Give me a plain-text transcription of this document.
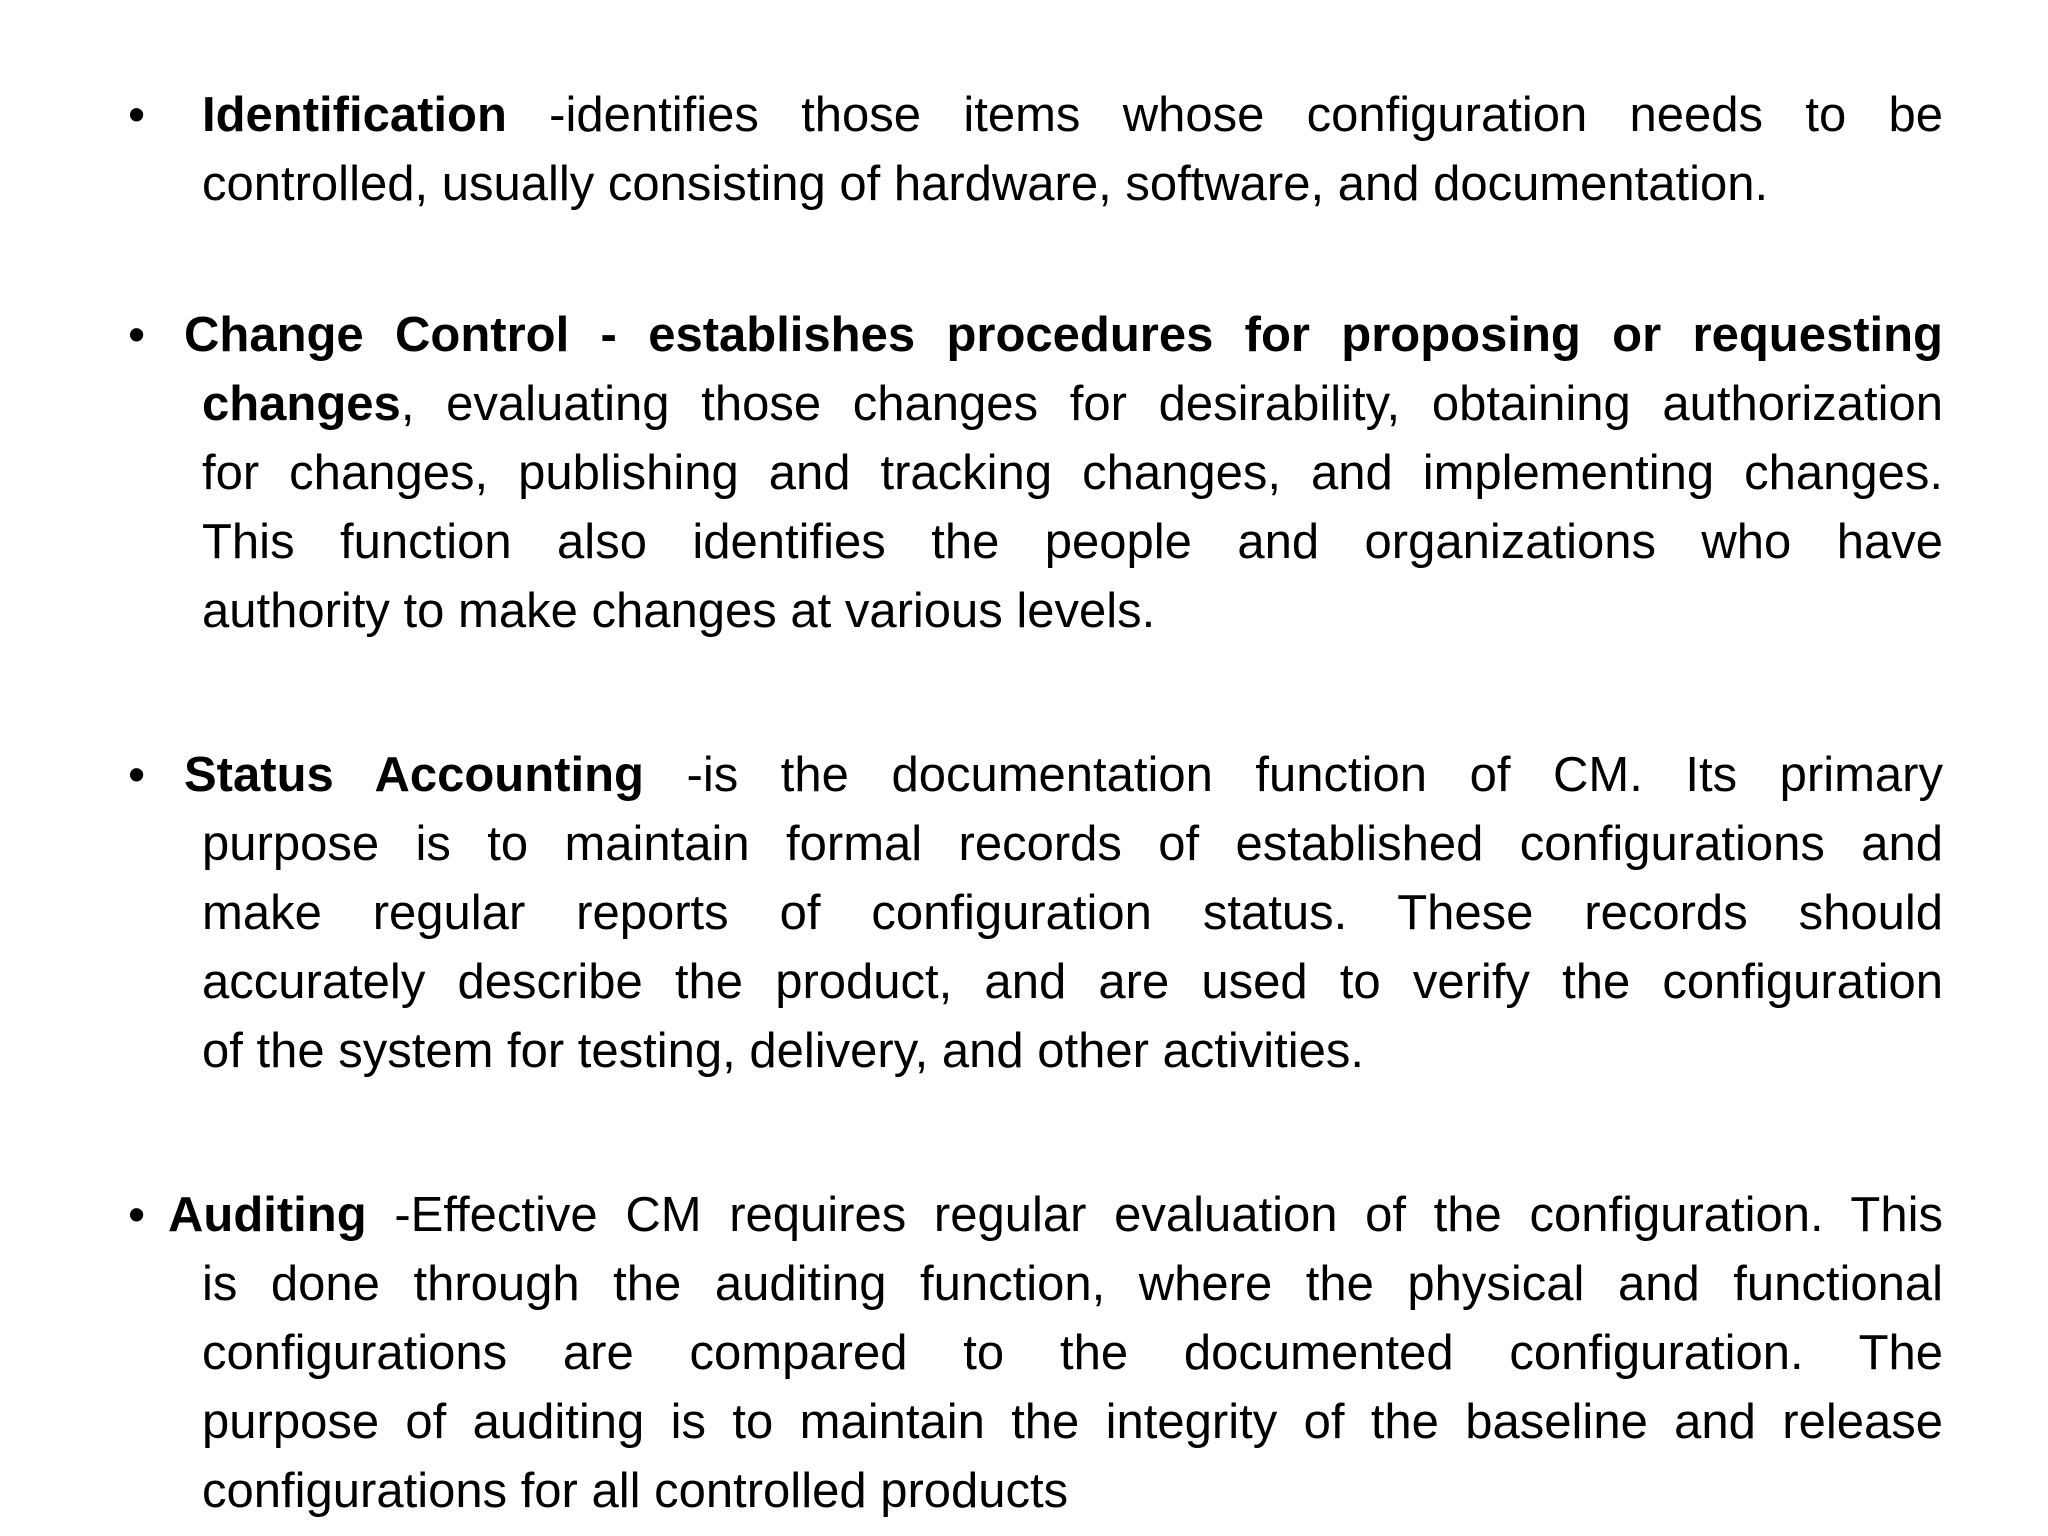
•	Identification -identifies those items whose configuration needs to be
controlled, usually consisting of hardware, software, and documentation.
• Change Control - establishes procedures for proposing or requesting
changes, evaluating those changes for desirability, obtaining authorization
for changes, publishing and tracking changes, and implementing changes.
This function also identifies the people and organizations who have
authority to make changes at various levels.
• Status Accounting -is the documentation function of CM. Its primary
purpose is to maintain formal records of established configurations and
make regular reports of configuration status. These records should
accurately describe the product, and are used to verify the configuration
of the system for testing, delivery, and other activities.
• Auditing -Effective CM requires regular evaluation of the configuration. This
is done through the auditing function, where the physical and functional
configurations are compared to the documented configuration. The
purpose of auditing is to maintain the integrity of the baseline and release
configurations for all controlled products
